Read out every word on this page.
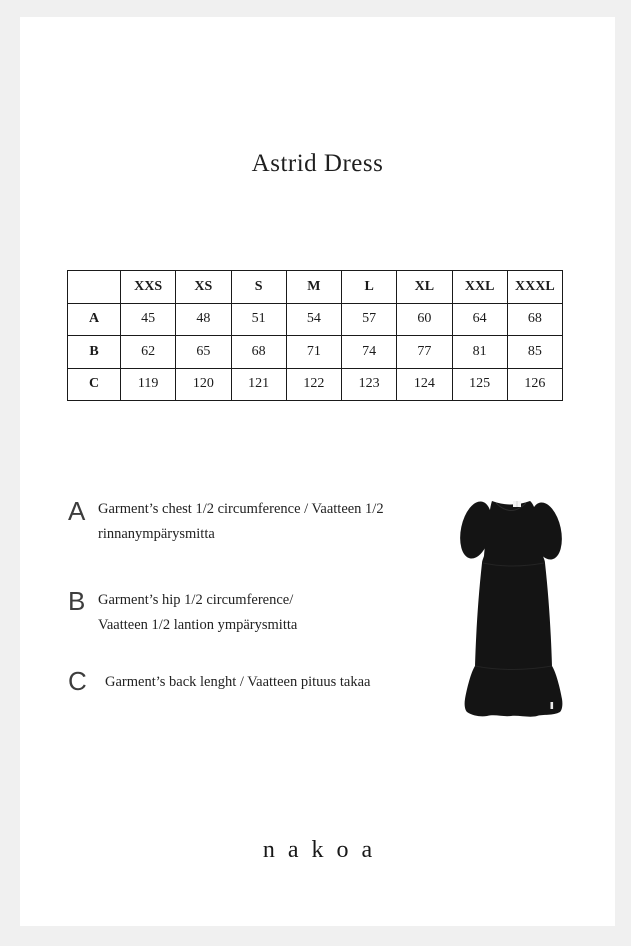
Astrid Dress
	XXS	XS	S	M	L	XL	XXL	XXXL
A	45	48	51	54	57	60	64	68
B	62	65	68	71	74	77	81	85
C	119	120	121	122	123	124	125	126
A Garment’s chest 1/2 circumference / Vaatteen 1/2
rinnanympärysmitta
B Garment’s hip 1/2 circumference/
Vaatteen 1/2 lantion ympärysmitta
C Garment’s back lenght / Vaatteen pituus takaa
nakoa
